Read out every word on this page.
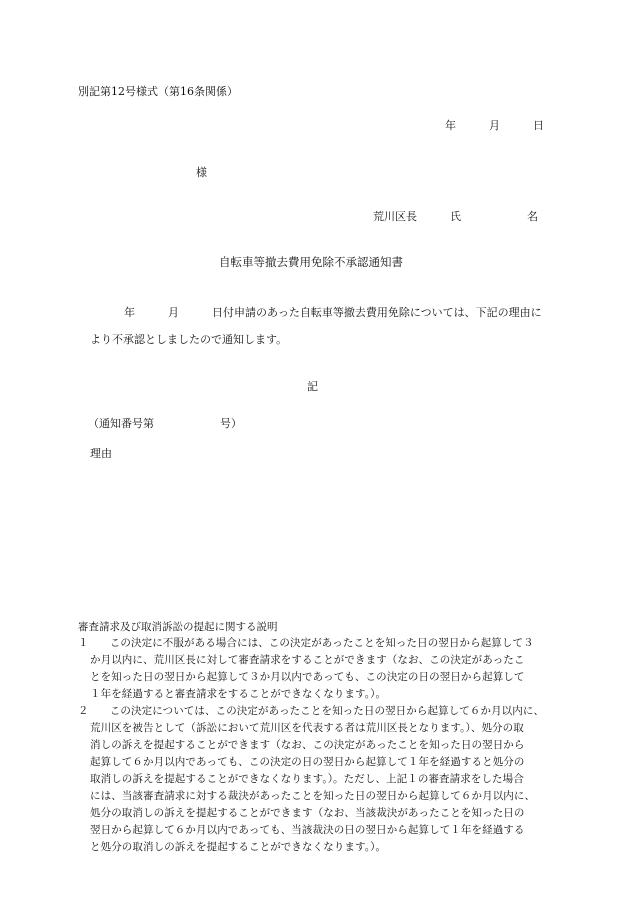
別記第12号様式（第16条関係）
年　　　月　　　日
様
荒川区長　　　氏　　　　　　名
自転車等撤去費用免除不承認通知書
年　　　月　　　日付申請のあった自転車等撤去費用免除については、下記の理由に
より不承認としましたので通知します。
記
（通知番号第　　　　　　号）
理由
審査請求及び取消訴訟の提起に関する説明
１　　この決定に不服がある場合には、この決定があったことを知った日の翌日から起算して３
か月以内に、荒川区長に対して審査請求をすることができます（なお、この決定があったこ
とを知った日の翌日から起算して３か月以内であっても、この決定の日の翌日から起算して
１年を経過すると審査請求をすることができなくなります。）。
２　　この決定については、この決定があったことを知った日の翌日から起算して６か月以内に、
荒川区を被告として（訴訟において荒川区を代表する者は荒川区長となります。）、処分の取
消しの訴えを提起することができます（なお、この決定があったことを知った日の翌日から
起算して６か月以内であっても、この決定の日の翌日から起算して１年を経過すると処分の
取消しの訴えを提起することができなくなります。）。ただし、上記１の審査請求をした場合
には、当該審査請求に対する裁決があったことを知った日の翌日から起算して６か月以内に、
処分の取消しの訴えを提起することができます（なお、当該裁決があったことを知った日の
翌日から起算して６か月以内であっても、当該裁決の日の翌日から起算して１年を経過する
と処分の取消しの訴えを提起することができなくなります。）。
